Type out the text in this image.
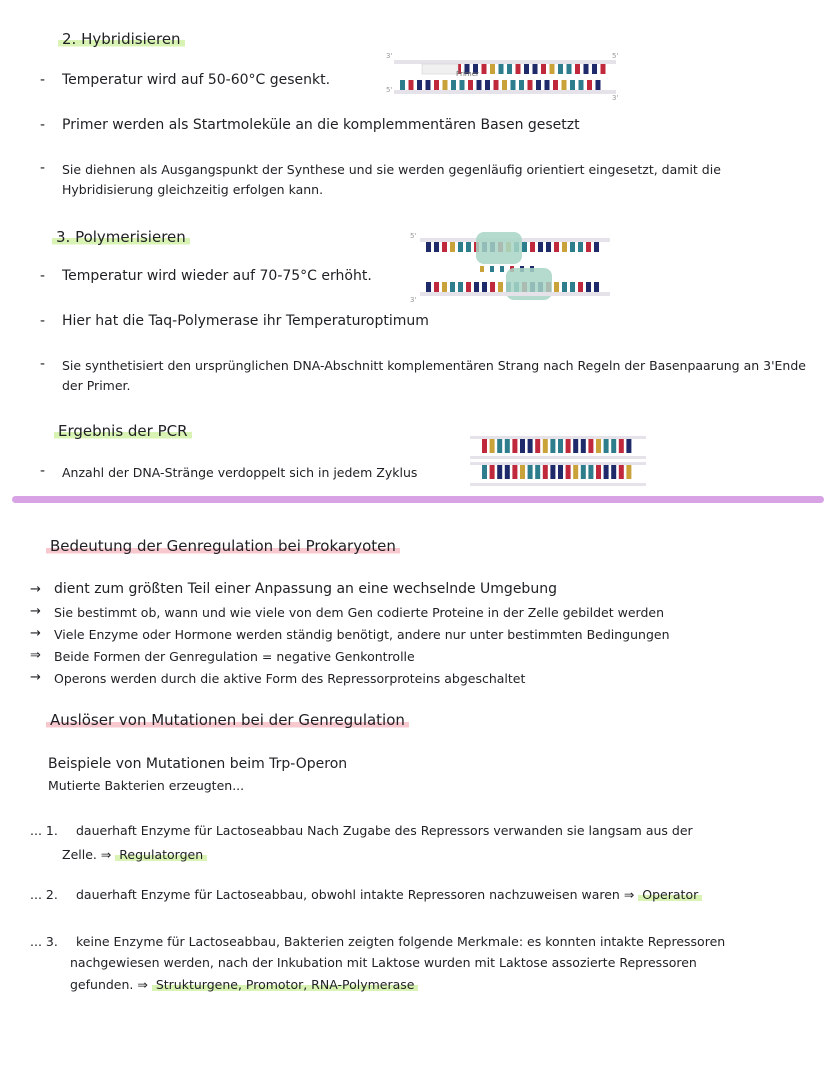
2. Hybridisieren
- Temperatur wird auf 50-60°C gesenkt.
- Primer werden als Startmoleküle an die komplemmentären Basen gesetzt
- Sie diehnen als Ausgangspunkt der Synthese und sie werden gegenläufig orientiert eingesetzt, damit die
Hybridisierung gleichzeitig erfolgen kann.
3'	5'
Primer
5'
3'
3. Polymerisieren
- Temperatur wird wieder auf 70-75°C erhöht.
- Hier hat die Taq-Polymerase ihr Temperaturoptimum
- Sie synthetisiert den ursprünglichen DNA-Abschnitt komplementären Strang nach Regeln der Basenpaarung an 3'Ende
der Primer.
5'
3'
Ergebnis der PCR
- Anzahl der DNA-Stränge verdoppelt sich in jedem Zyklus
Bedeutung der Genregulation bei Prokaryoten
→ dient zum größten Teil einer Anpassung an eine wechselnde Umgebung
→ Sie bestimmt ob, wann und wie viele von dem Gen codierte Proteine in der Zelle gebildet werden
→ Viele Enzyme oder Hormone werden ständig benötigt, andere nur unter bestimmten Bedingungen
⇒ Beide Formen der Genregulation = negative Genkontrolle
→ Operons werden durch die aktive Form des Repressorproteins abgeschaltet
Auslöser von Mutationen bei der Genregulation
Beispiele von Mutationen beim Trp-Operon
Mutierte Bakterien erzeugten...
... 1. dauerhaft Enzyme für Lactoseabbau Nach Zugabe des Repressors verwanden sie langsam aus der
Zelle. ⇒ Regulatorgen
... 2. dauerhaft Enzyme für Lactoseabbau, obwohl intakte Repressoren nachzuweisen waren ⇒ Operator
... 3. keine Enzyme für Lactoseabbau, Bakterien zeigten folgende Merkmale: es konnten intakte Repressoren
nachgewiesen werden, nach der Inkubation mit Laktose wurden mit Laktose assozierte Repressoren
gefunden. ⇒ Strukturgene, Promotor, RNA-Polymerase
